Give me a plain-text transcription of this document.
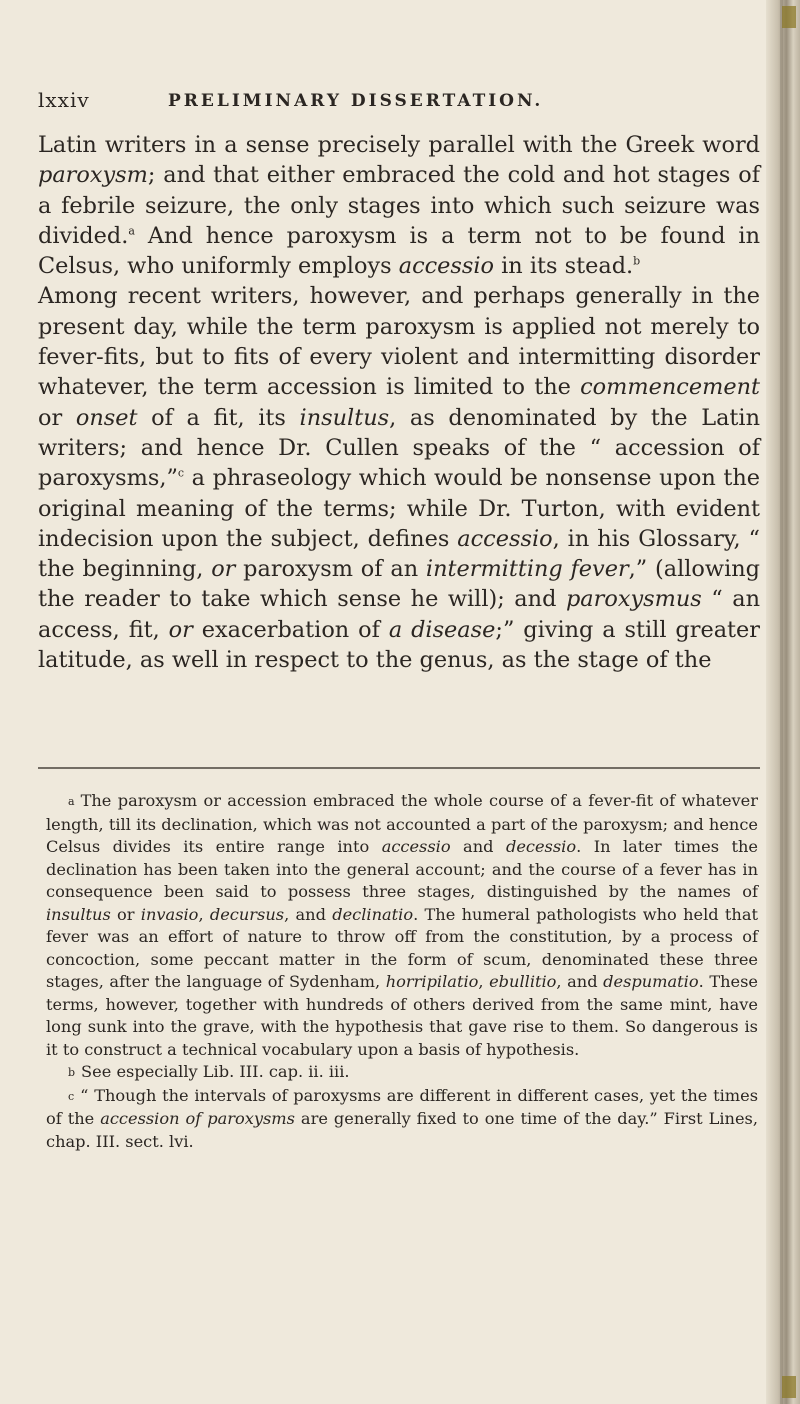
lxxiv	PRELIMINARY DISSERTATION.

Latin writers in a sense precisely parallel with the Greek word paroxysm; and that either embraced the cold and hot stages of a febrile seizure, the only stages into which such seizure was divided.$^a$ And hence paroxysm is a term not to be found in Celsus, who uniformly employs accessio in its stead.$^b$

Among recent writers, however, and perhaps generally in the present day, while the term paroxysm is applied not merely to fever-fits, but to fits of every violent and intermitting disorder whatever, the term accession is limited to the commencement or onset of a fit, its insultus, as denominated by the Latin writers; and hence Dr. Cullen speaks of the “ accession of paroxysms,”$^c$ a phraseology which would be nonsense upon the original meaning of the terms; while Dr. Turton, with evident indecision upon the subject, defines accessio, in his Glossary, “ the beginning, or paroxysm of an intermitting fever,” (allowing the reader to take which sense he will); and paroxysmus “ an access, fit, or exacerbation of a disease;” giving a still greater latitude, as well in respect to the genus, as the stage of the

a The paroxysm or accession embraced the whole course of a fever-fit of whatever length, till its declination, which was not accounted a part of the paroxysm; and hence Celsus divides its entire range into accessio and decessio. In later times the declination has been taken into the general account; and the course of a fever has in consequence been said to possess three stages, distinguished by the names of insultus or invasio, decursus, and declinatio. The humeral pathologists who held that fever was an effort of nature to throw off from the constitution, by a process of concoction, some peccant matter in the form of scum, denominated these three stages, after the language of Sydenham, horripilatio, ebullitio, and despumatio. These terms, however, together with hundreds of others derived from the same mint, have long sunk into the grave, with the hypothesis that gave rise to them. So dangerous is it to construct a technical vocabulary upon a basis of hypothesis.

b See especially Lib. III. cap. ii. iii.

c “ Though the intervals of paroxysms are different in different cases, yet the times of the accession of paroxysms are generally fixed to one time of the day.” First Lines, chap. III. sect. lvi.
